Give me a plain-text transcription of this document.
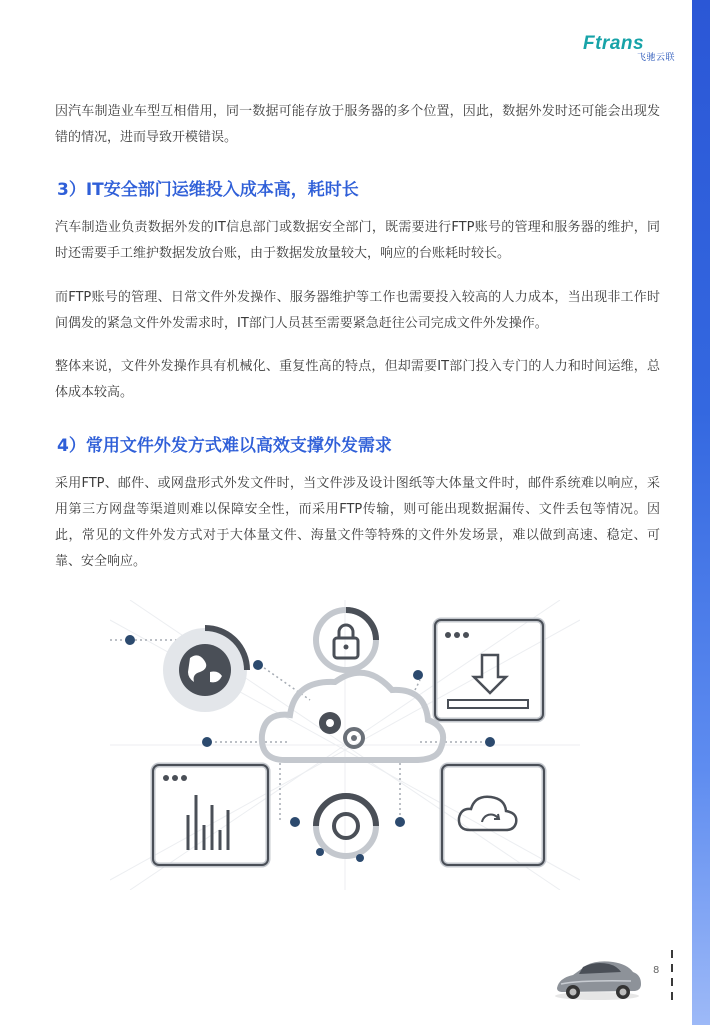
Ftrans
飞驰云联

因汽车制造业车型互相借用，同一数据可能存放于服务器的多个位置，因此，数据外发时还可能会出现发错的情况，进而导致开模错误。

3）IT安全部门运维投入成本高，耗时长

汽车制造业负责数据外发的IT信息部门或数据安全部门，既需要进行FTP账号的管理和服务器的维护，同时还需要手工维护数据发放台账，由于数据发放量较大，响应的台账耗时较长。

而FTP账号的管理、日常文件外发操作、服务器维护等工作也需要投入较高的人力成本，当出现非工作时间偶发的紧急文件外发需求时，IT部门人员甚至需要紧急赶往公司完成文件外发操作。

整体来说，文件外发操作具有机械化、重复性高的特点，但却需要IT部门投入专门的人力和时间运维，总体成本较高。

4）常用文件外发方式难以高效支撑外发需求

采用FTP、邮件、或网盘形式外发文件时，当文件涉及设计图纸等大体量文件时，邮件系统难以响应，采用第三方网盘等渠道则难以保障安全性，而采用FTP传输，则可能出现数据漏传、文件丢包等情况。因此，常见的文件外发方式对于大体量文件、海量文件等特殊的文件外发场景，难以做到高速、稳定、可靠、安全响应。

8
